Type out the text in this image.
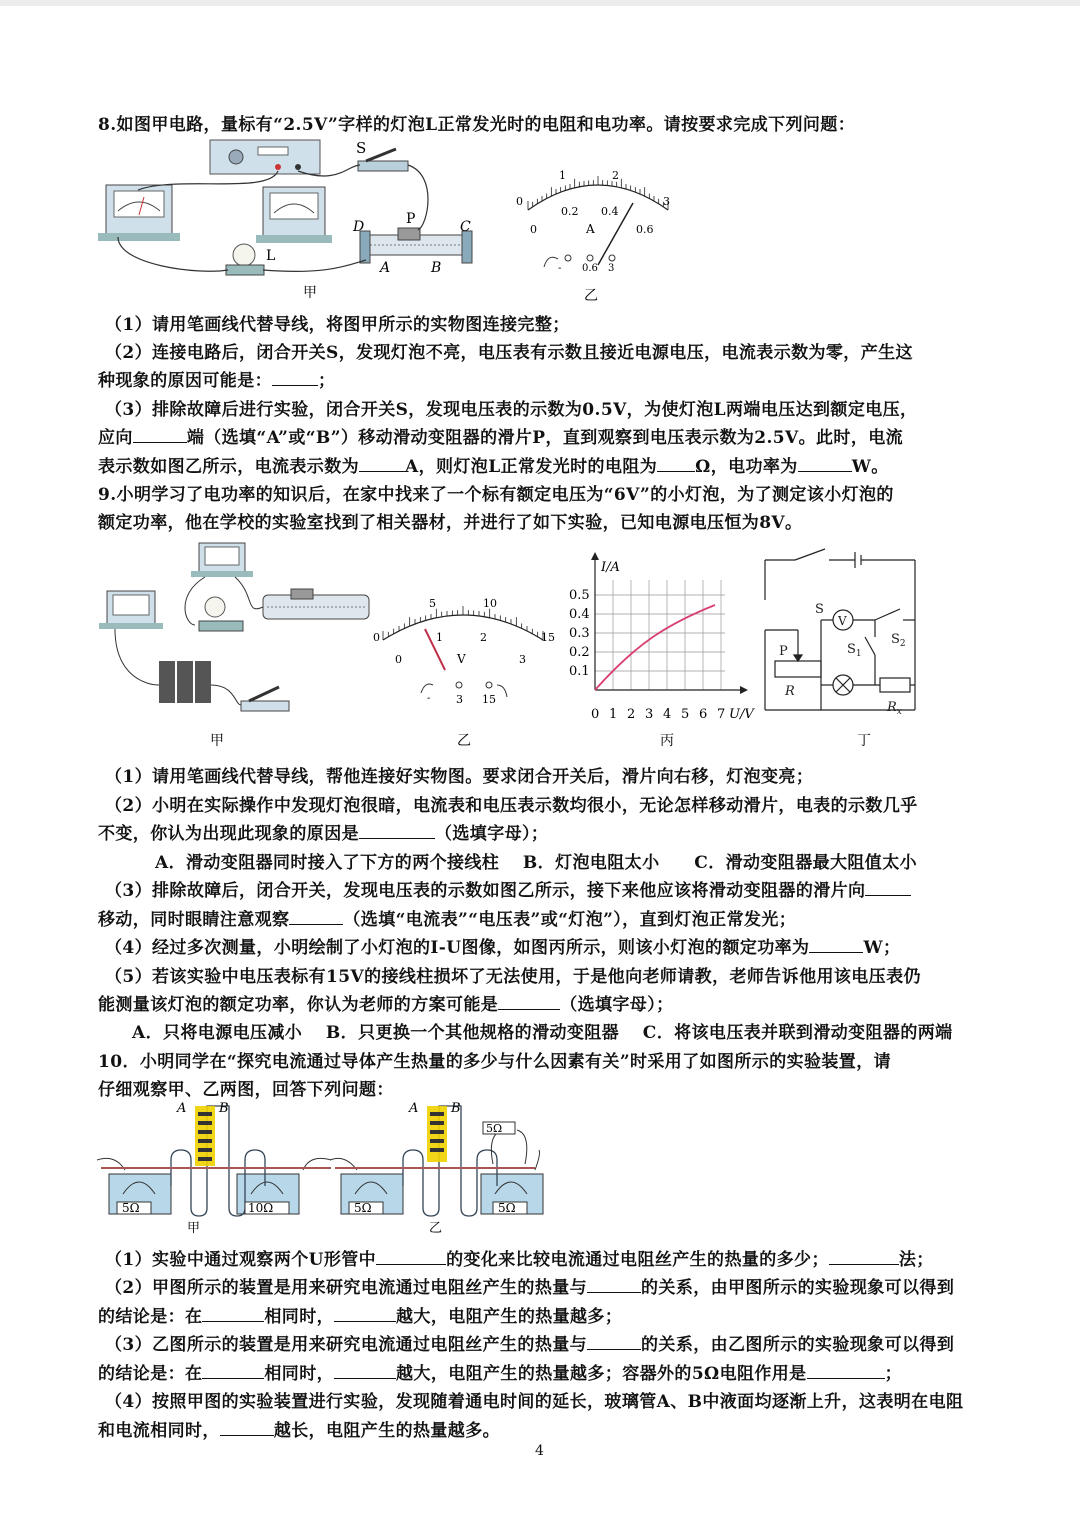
8.如图甲电路，量标有“2.5V”字样的灯泡L正常发光时的电阻和电功率。请按要求完成下列问题：
S
L
D	P	C
A	B
甲
0
1	2
3
0
0.2 0.4
0.6
A
- 0.6 3
乙
（1）请用笔画线代替导线，将图甲所示的实物图连接完整；
（2）连接电路后，闭合开关S，发现灯泡不亮，电压表有示数且接近电源电压，电流表示数为零，产生这
种现象的原因可能是：	；
（3）排除故障后进行实验，闭合开关S，发现电压表的示数为0.5V，为使灯泡L两端电压达到额定电压，
应向	端（选填“A”或“B”）移动滑动变阻器的滑片P，直到观察到电压表示数为2.5V。此时，电流
表示数如图乙所示，电流表示数为	A，则灯泡L正常发光时的电阻为 Ω，电功率为	W。
9.小明学习了电功率的知识后，在家中找来了一个标有额定电压为“6V”的小灯泡，为了测定该小灯泡的
额定功率，他在学校的实验室找到了相关器材，并进行了如下实验，已知电源电压恒为8V。
甲
0
5	10
15
0
1	2
3
V
- 3 15
乙
I/A
U/V
0.1
0.2
0.3
0.4
0.5
0 1 2 3 4 5 6 7
丙
S
P
R
V
$S_1$
$S_2$
$R_x$
丁
（1）请用笔画线代替导线，帮他连接好实物图。要求闭合开关后，滑片向右移，灯泡变亮；
（2）小明在实际操作中发现灯泡很暗，电流表和电压表示数均很小，无论怎样移动滑片，电表的示数几乎
不变，你认为出现此现象的原因是	（选填字母）；
A．滑动变阻器同时接入了下方的两个接线柱　 B．灯泡电阻太小　　C．滑动变阻器最大阻值太小
（3）排除故障后，闭合开关，发现电压表的示数如图乙所示，接下来他应该将滑动变阻器的滑片向
移动，同时眼睛注意观察	（选填“电流表”“电压表”或“灯泡”），直到灯泡正常发光；
（4）经过多次测量，小明绘制了小灯泡的I-U图像，如图丙所示，则该小灯泡的额定功率为	W；
（5）若该实验中电压表标有15V的接线柱损坏了无法使用，于是他向老师请教，老师告诉他用该电压表仍
能测量该灯泡的额定功率，你认为老师的方案可能是	（选填字母）；
A．只将电源电压减小　 B．只更换一个其他规格的滑动变阻器　 C．将该电压表并联到滑动变阻器的两端
10．小明同学在“探究电流通过导体产生热量的多少与什么因素有关”时采用了如图所示的实验装置，请
仔细观察甲、乙两图，回答下列问题：
5Ω	10Ω
A	B
甲
5Ω
5Ω	5Ω
A	B
乙
（1）实验中通过观察两个U形管中	的变化来比较电流通过电阻丝产生的热量的多少；	法；
（2）甲图所示的装置是用来研究电流通过电阻丝产生的热量与	的关系，由甲图所示的实验现象可以得到
的结论是：在	相同时，	越大，电阻产生的热量越多；
（3）乙图所示的装置是用来研究电流通过电阻丝产生的热量与	的关系，由乙图所示的实验现象可以得到
的结论是：在	相同时，	越大，电阻产生的热量越多；容器外的5Ω电阻作用是	；
（4）按照甲图的实验装置进行实验，发现随着通电时间的延长，玻璃管A、B中液面均逐渐上升，这表明在电阻
和电流相同时，	越长，电阻产生的热量越多。
4
